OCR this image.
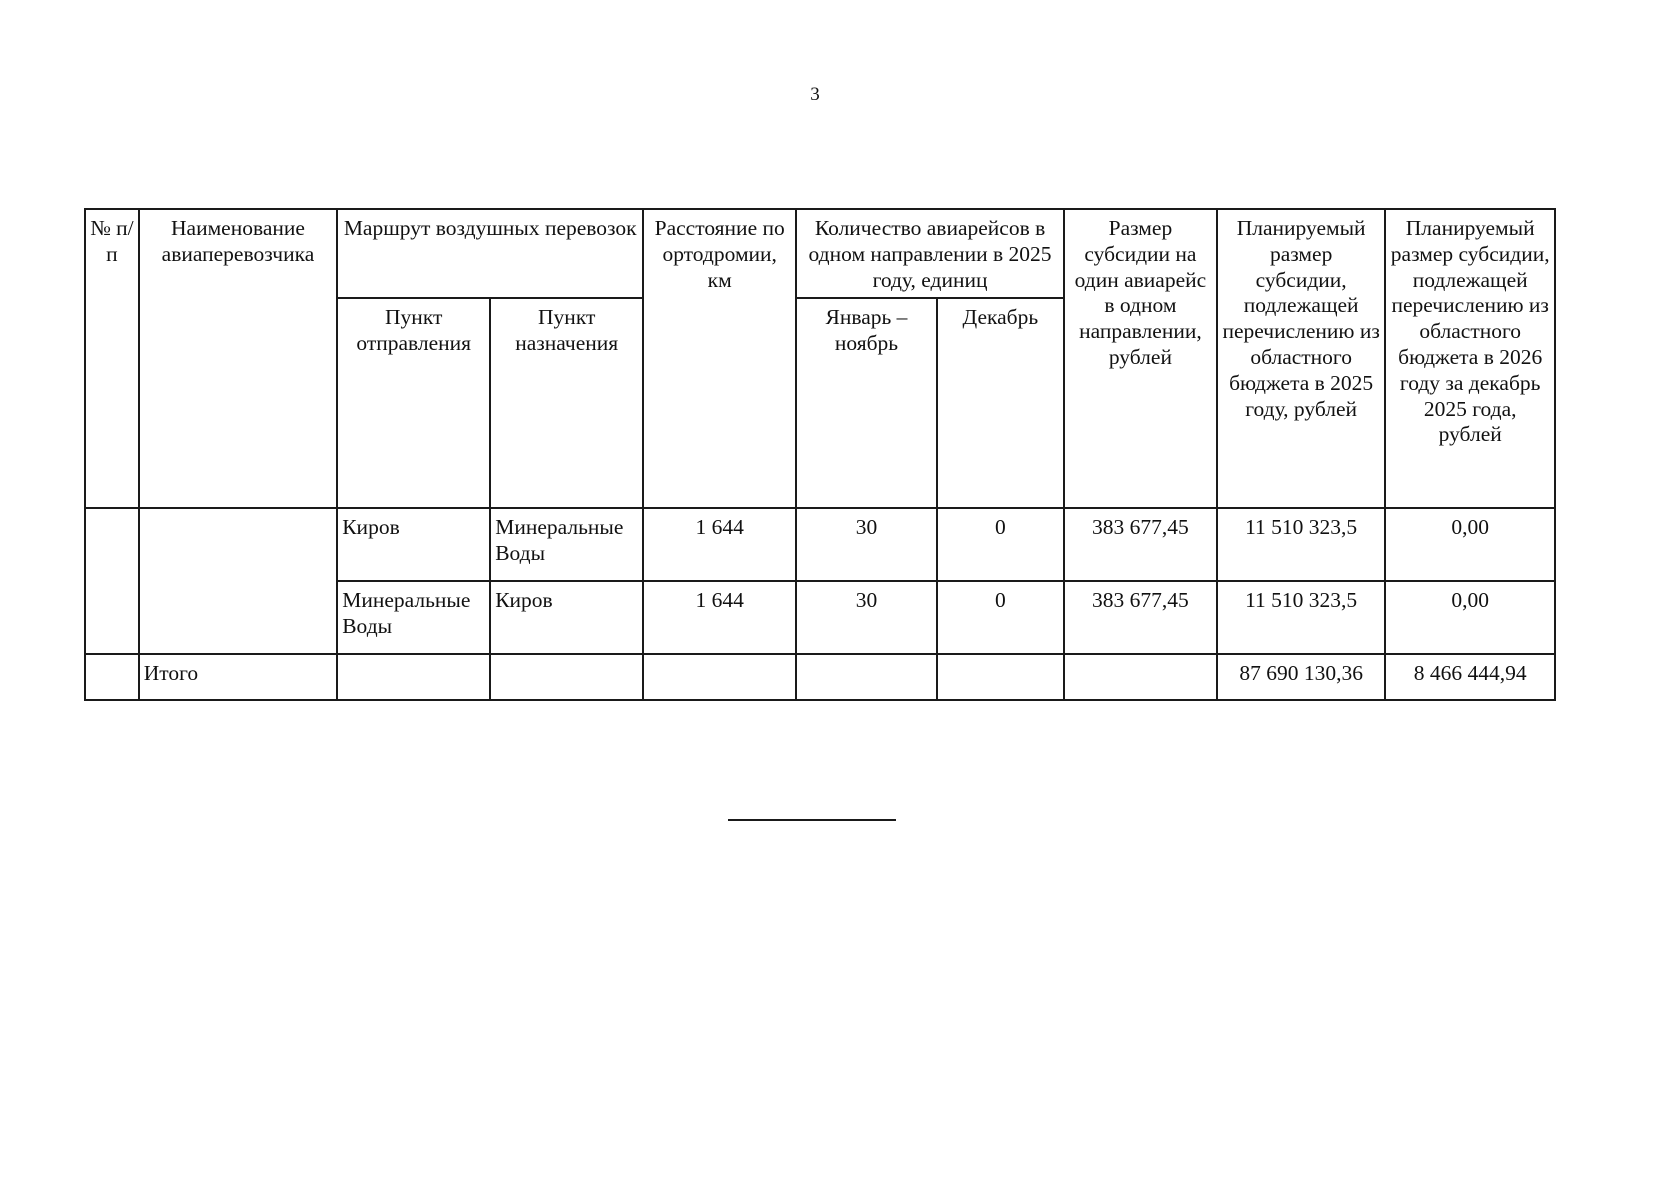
3
№ п/п	Наименование авиаперевозчика	Маршрут воздушных перевозок		Расстояние по ортодромии, км	Количество авиарейсов в одном направлении в 2025 году, единиц		Размер субсидии на один авиарейс в одном направлении, рублей	Планируемый размер субсидии, подлежащей перечислению из областного бюджета в 2025 году, рублей	Планируемый размер субсидии, подлежащей перечислению из областного бюджета в 2026 году за декабрь 2025 года, рублей
		Пункт отправления	Пункт назначения		Январь – ноябрь	Декабрь			
		Киров	Минеральные Воды	1 644	30	0	383 677,45	11 510 323,5	0,00
		Минеральные Воды	Киров	1 644	30	0	383 677,45	11 510 323,5	0,00
	Итого							87 690 130,36	8 466 444,94
